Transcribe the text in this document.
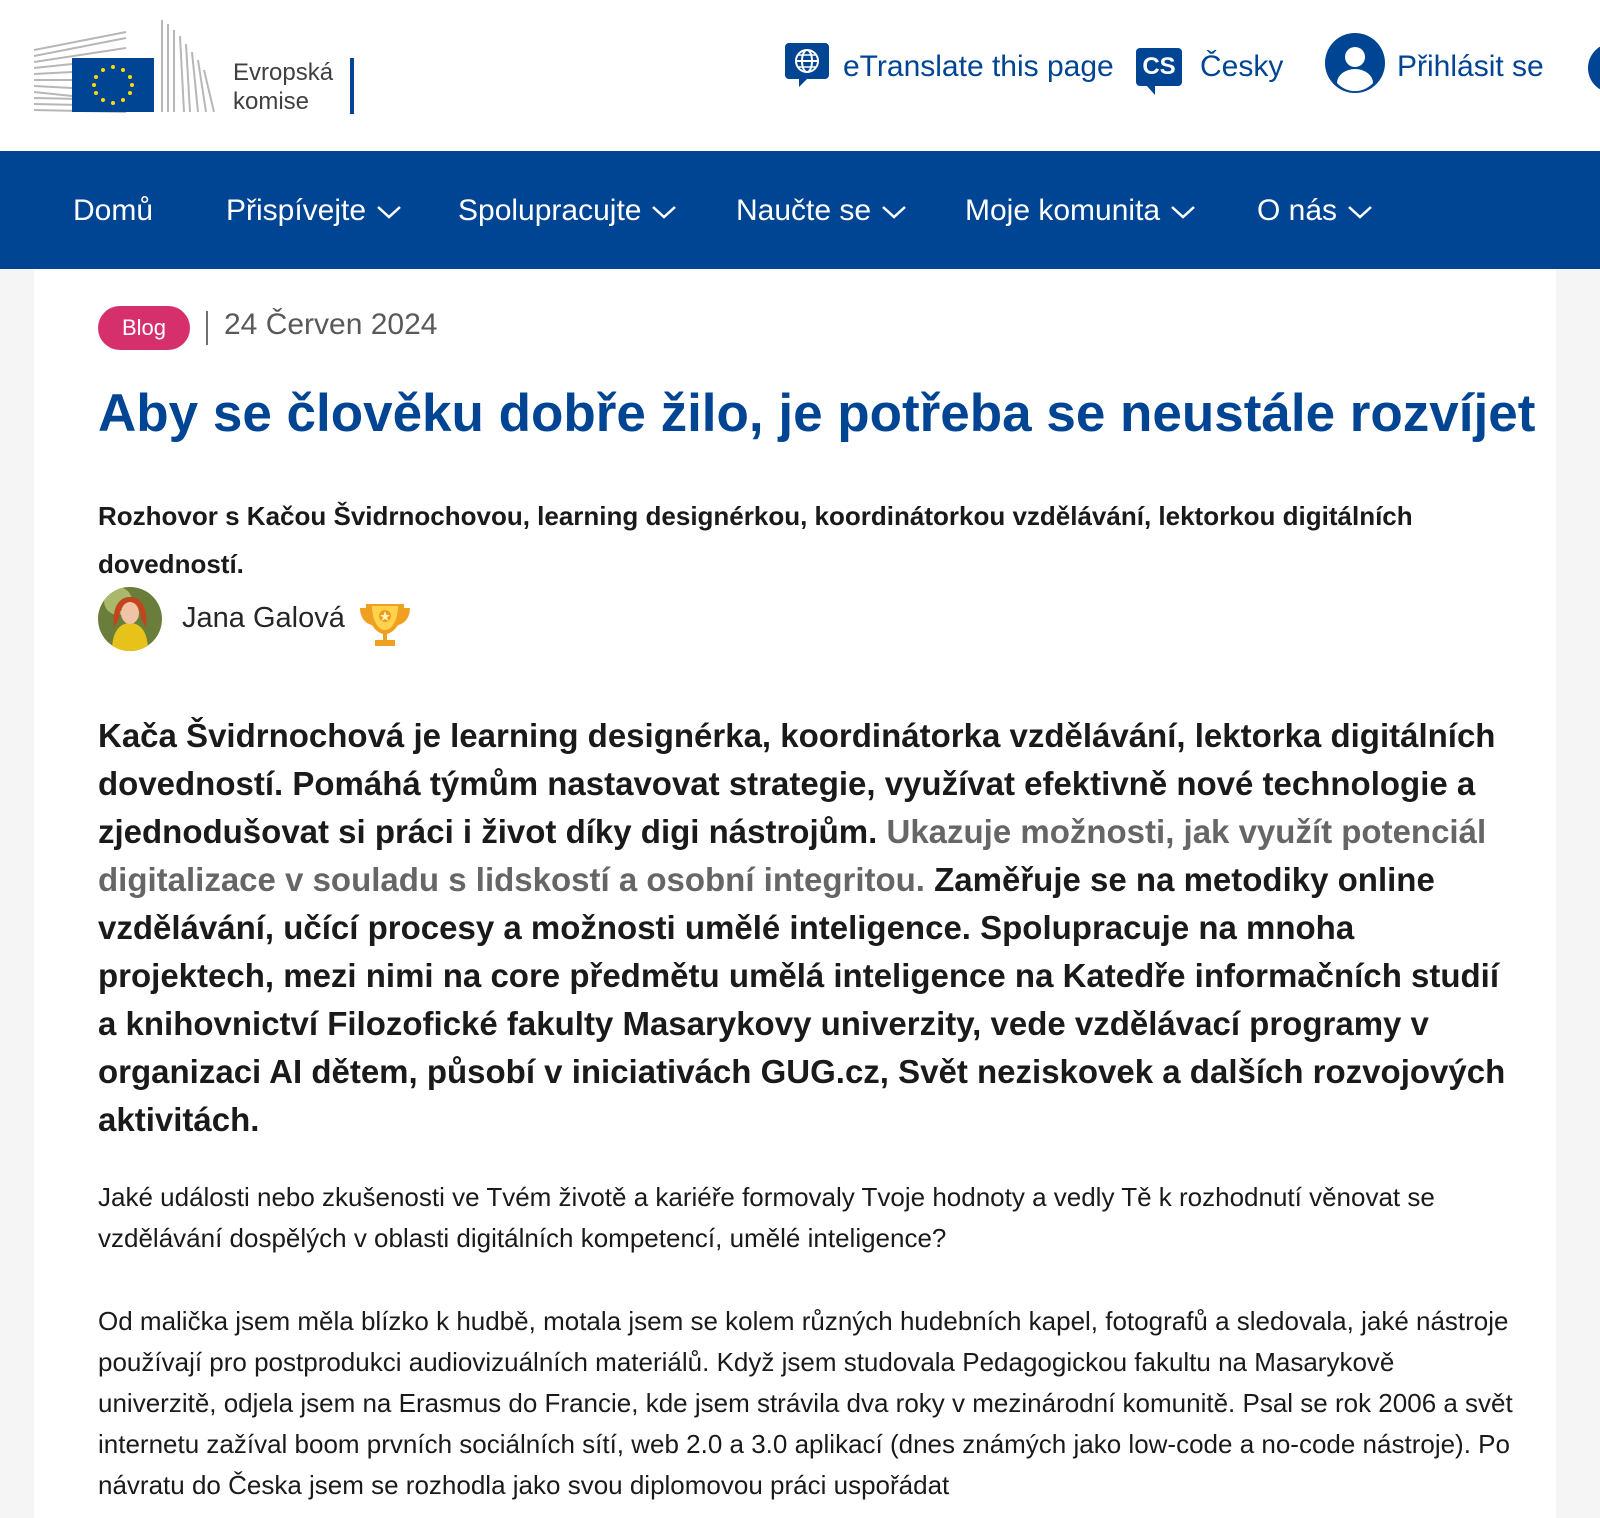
Evropská
komise
eTranslate this page CS Česky	Přihlásit se
Domů Přispívejte	Spolupracujte	Naučte se	Moje komunita	O nás
Blog	24 Červen 2024
Aby se člověku dobře žilo, je potřeba se neustále rozvíjet

Rozhovor s Kačou Švidrnochovou, learning designérkou, koordinátorkou vzdělávání, lektorkou digitálních dovedností.

Jana Galová

Kača Švidrnochová je learning designérka, koordinátorka vzdělávání, lektorka digitálních dovedností. Pomáhá týmům nastavovat strategie, využívat efektivně nové technologie a zjednodušovat si práci i život díky digi nástrojům. Ukazuje možnosti, jak využít potenciál digitalizace v souladu s lidskostí a osobní integritou. Zaměřuje se na metodiky online vzdělávání, učící procesy a možnosti umělé inteligence. Spolupracuje na mnoha projektech, mezi nimi na core předmětu umělá inteligence na Katedře informačních studií a knihovnictví Filozofické fakulty Masarykovy univerzity, vede vzdělávací programy v organizaci AI dětem, působí v iniciativách GUG.cz, Svět neziskovek a dalších rozvojových aktivitách.

Jaké události nebo zkušenosti ve Tvém životě a kariéře formovaly Tvoje hodnoty a vedly Tě k rozhodnutí věnovat se vzdělávání dospělých v oblasti digitálních kompetencí, umělé inteligence?

Od malička jsem měla blízko k hudbě, motala jsem se kolem různých hudebních kapel, fotografů a sledovala, jaké nástroje používají pro postprodukci audiovizuálních materiálů. Když jsem studovala Pedagogickou fakultu na Masarykově univerzitě, odjela jsem na Erasmus do Francie, kde jsem strávila dva roky v mezinárodní komunitě. Psal se rok 2006 a svět internetu zažíval boom prvních sociálních sítí, web 2.0 a 3.0 aplikací (dnes známých jako low-code a no-code nástroje). Po návratu do Česka jsem se rozhodla jako svou diplomovou práci uspořádat
